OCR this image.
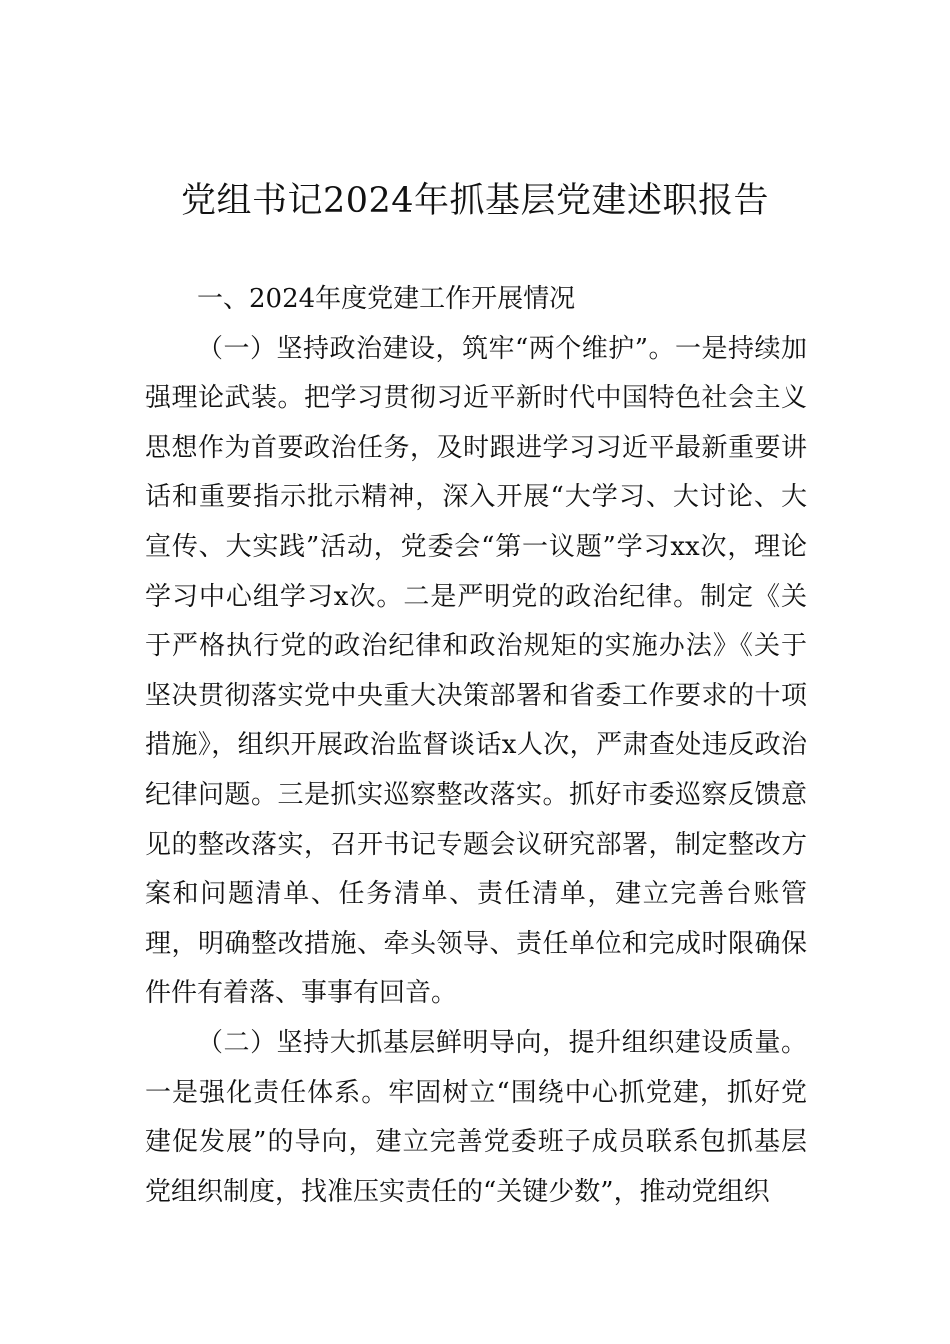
党组书记2024年抓基层党建述职报告

一、2024年度党建工作开展情况

（一）坚持政治建设，筑牢“两个维护”。一是持续加强理论武装。把学习贯彻习近平新时代中国特色社会主义思想作为首要政治任务，及时跟进学习习近平最新重要讲话和重要指示批示精神，深入开展“大学习、大讨论、大宣传、大实践”活动，党委会“第一议题”学习xx次，理论学习中心组学习x次。二是严明党的政治纪律。制定《关于严格执行党的政治纪律和政治规矩的实施办法》《关于坚决贯彻落实党中央重大决策部署和省委工作要求的十项措施》，组织开展政治监督谈话x人次，严肃查处违反政治纪律问题。三是抓实巡察整改落实。抓好市委巡察反馈意见的整改落实，召开书记专题会议研究部署，制定整改方案和问题清单、任务清单、责任清单，建立完善台账管理，明确整改措施、牵头领导、责任单位和完成时限确保件件有着落、事事有回音。

（二）坚持大抓基层鲜明导向，提升组织建设质量。一是强化责任体系。牢固树立“围绕中心抓党建，抓好党建促发展”的导向，建立完善党委班子成员联系包抓基层党组织制度，找准压实责任的“关键少数”，推动党组织
